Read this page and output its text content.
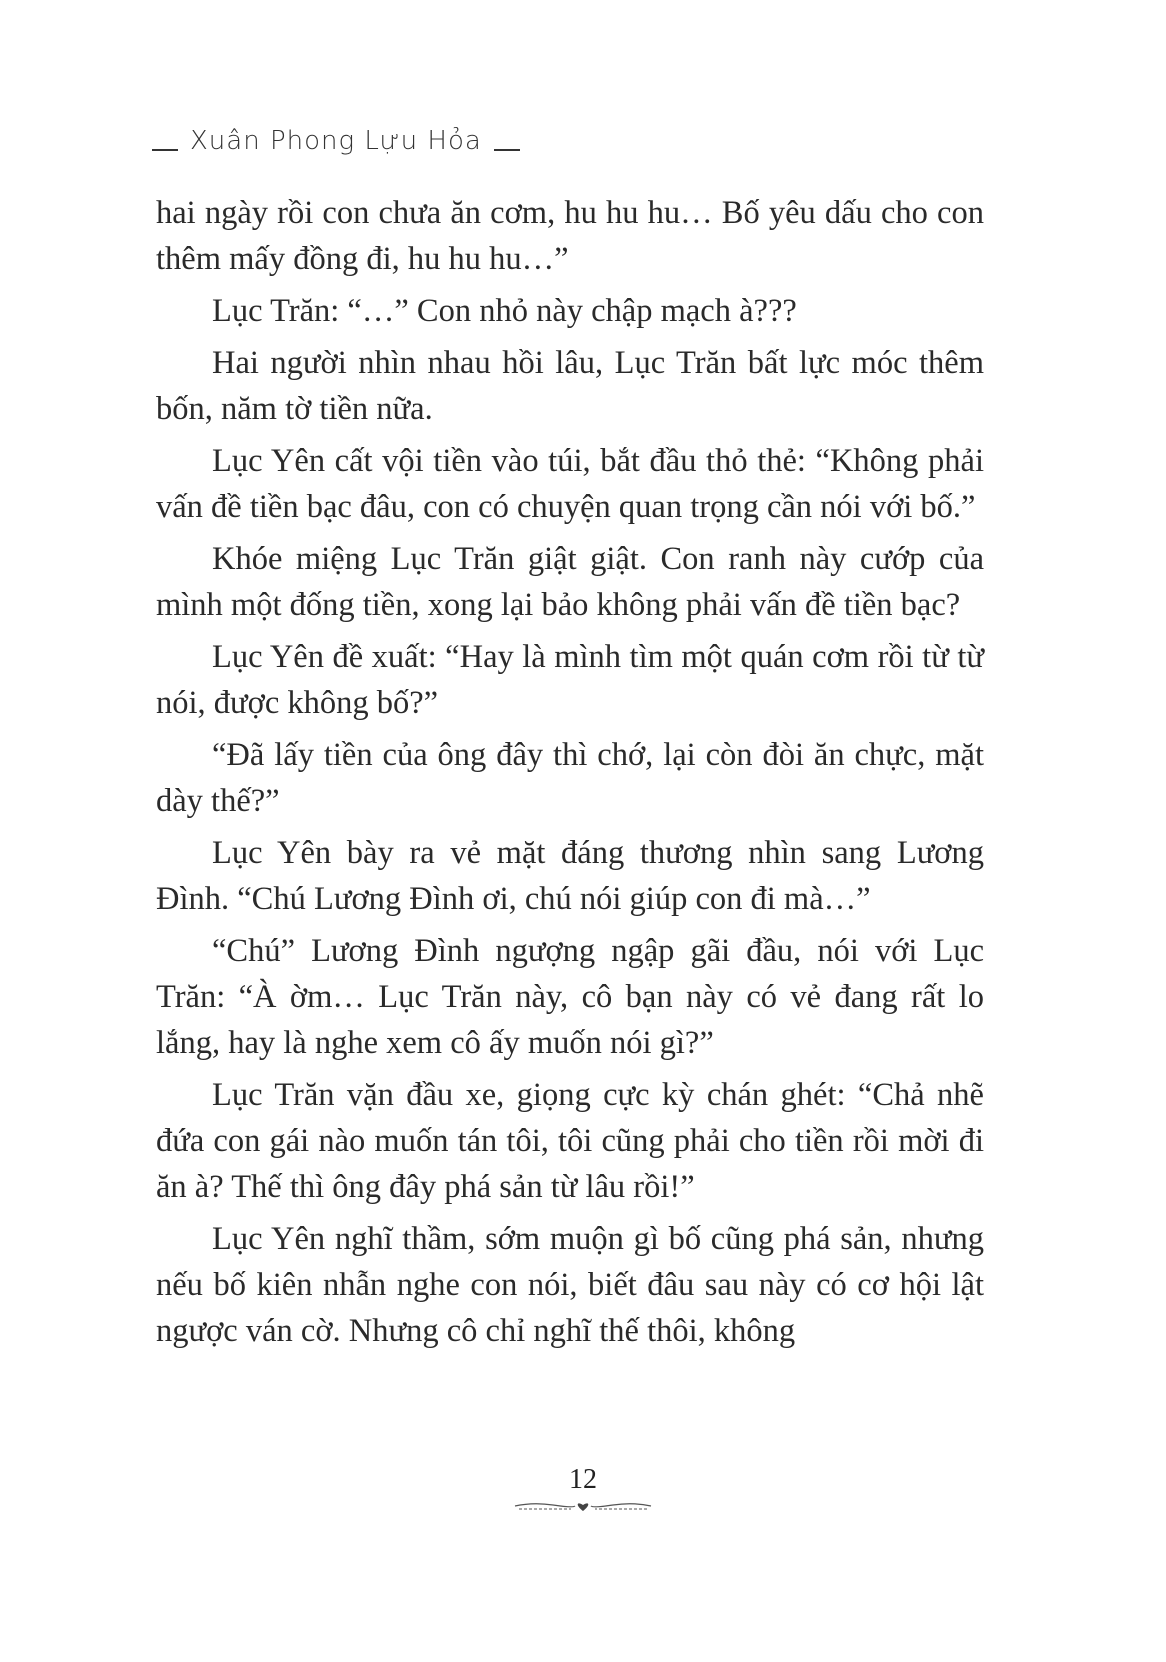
Xuân Phong Lựu Hỏa

hai ngày rồi con chưa ăn cơm, hu hu hu… Bố yêu dấu cho con thêm mấy đồng đi, hu hu hu…”

Lục Trăn: “…” Con nhỏ này chập mạch à???

Hai người nhìn nhau hồi lâu, Lục Trăn bất lực móc thêm bốn, năm tờ tiền nữa.

Lục Yên cất vội tiền vào túi, bắt đầu thỏ thẻ: “Không phải vấn đề tiền bạc đâu, con có chuyện quan trọng cần nói với bố.”

Khóe miệng Lục Trăn giật giật. Con ranh này cướp của mình một đống tiền, xong lại bảo không phải vấn đề tiền bạc?

Lục Yên đề xuất: “Hay là mình tìm một quán cơm rồi từ từ nói, được không bố?”

“Đã lấy tiền của ông đây thì chớ, lại còn đòi ăn chực, mặt dày thế?”

Lục Yên bày ra vẻ mặt đáng thương nhìn sang Lương Đình. “Chú Lương Đình ơi, chú nói giúp con đi mà…”

“Chú” Lương Đình ngượng ngập gãi đầu, nói với Lục Trăn: “À ờm… Lục Trăn này, cô bạn này có vẻ đang rất lo lắng, hay là nghe xem cô ấy muốn nói gì?”

Lục Trăn vặn đầu xe, giọng cực kỳ chán ghét: “Chả nhẽ đứa con gái nào muốn tán tôi, tôi cũng phải cho tiền rồi mời đi ăn à? Thế thì ông đây phá sản từ lâu rồi!”

Lục Yên nghĩ thầm, sớm muộn gì bố cũng phá sản, nhưng nếu bố kiên nhẫn nghe con nói, biết đâu sau này có cơ hội lật ngược ván cờ. Nhưng cô chỉ nghĩ thế thôi, không

12
